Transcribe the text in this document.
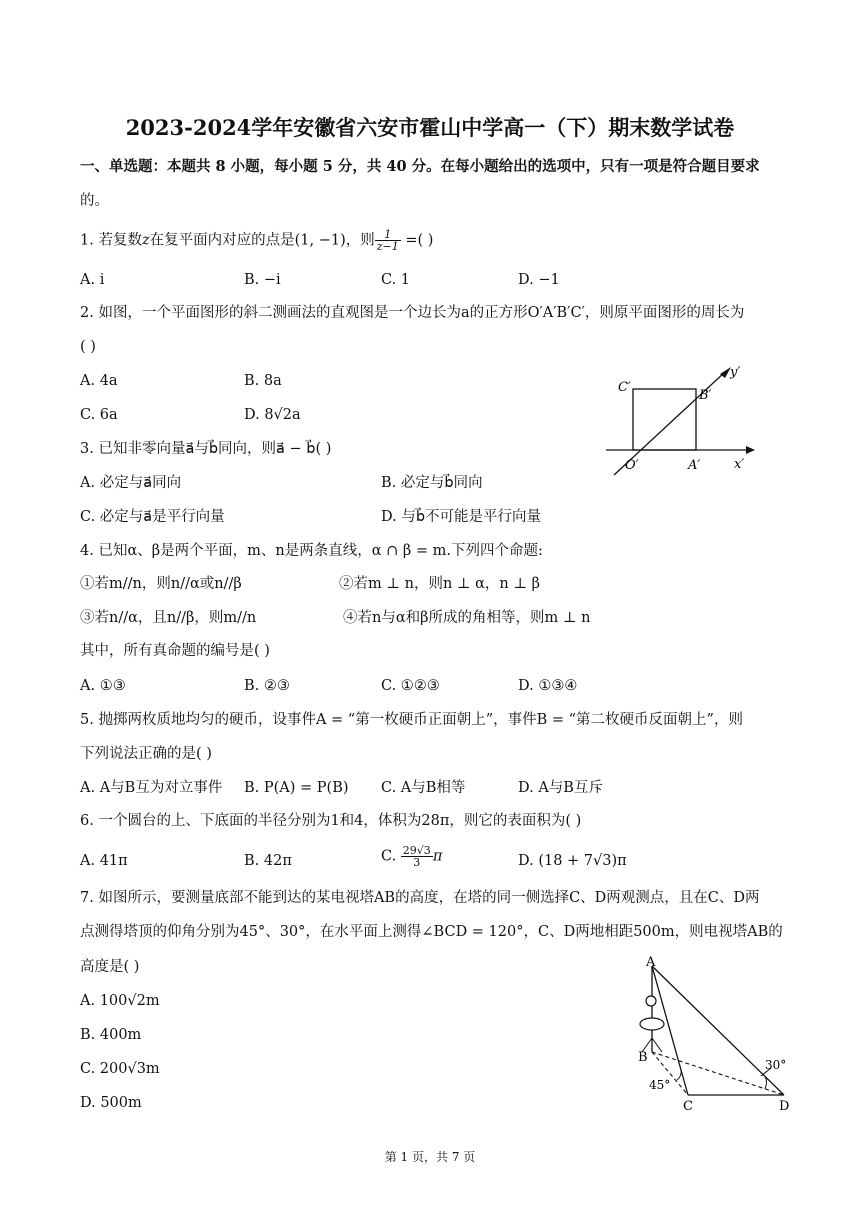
2023-2024学年安徽省六安市霍山中学高一（下）期末数学试卷
一、单选题：本题共 8 小题，每小题 5 分，共 40 分。在每小题给出的选项中，只有一项是符合题目要求
的。
1. 若复数z在复平面内对应的点是(1, −1)，则 $\frac{1}{z-1}$ =( )
A. i	B. −i	C. 1	D. −1
2. 如图，一个平面图形的斜二测画法的直观图是一个边长为a的正方形O′A′B′C′，则原平面图形的周长为
( )
A. 4a	B. 8a
C. 6a	D. 8√2a
C′
B′
O′	A′	x′
y′
3. 已知非零向量a⃗与b⃗同向，则a⃗ − b⃗( )
A. 必定与a⃗同向	B. 必定与b⃗同向
C. 必定与a⃗是平行向量	D. 与b⃗不可能是平行向量
4. 已知α、β是两个平面，m、n是两条直线，α ∩ β = m.下列四个命题:
①若m//n，则n//α或n//β	②若m ⊥ n，则n ⊥ α，n ⊥ β
③若n//α，且n//β，则m//n	④若n与α和β所成的角相等，则m ⊥ n
其中，所有真命题的编号是( )
A. ①③	B. ②③	C. ①②③	D. ①③④
5. 抛掷两枚质地均匀的硬币，设事件A = “第一枚硬币正面朝上”，事件B = “第二枚硬币反面朝上”，则
下列说法正确的是( )
A. A与B互为对立事件 B. P(A) = P(B) C. A与B相等	D. A与B互斥
6. 一个圆台的上、下底面的半径分别为1和4，体积为28π，则它的表面积为( )
A. 41π	B. 42π	C. $\frac{29√3}{3}$ π	D. (18 + 7√3)π
7. 如图所示，要测量底部不能到达的某电视塔AB的高度，在塔的同一侧选择C、D两观测点，且在C、D两
点测得塔顶的仰角分别为45°、30°，在水平面上测得∠BCD = 120°，C、D两地相距500m，则电视塔AB的
高度是( )
A. 100√2m
B. 400m
C. 200√3m
D. 500m
A
B
C	D
45°
30°
第 1 页，共 7 页
